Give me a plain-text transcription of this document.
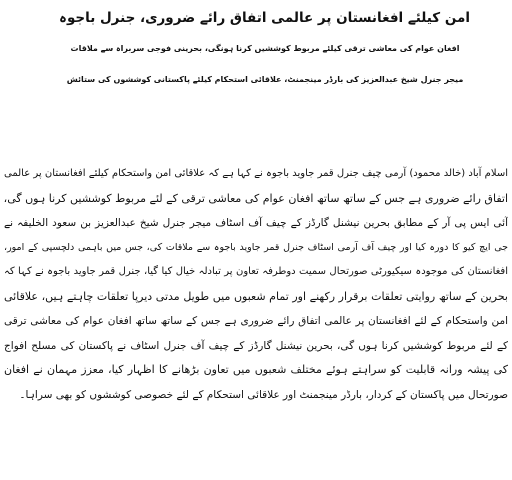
امن کیلئے افغانستان پر عالمی اتفاق رائے ضروری، جنرل باجوہ
افغان عوام کی معاشی ترقی کیلئے مربوط کوششیں کرنا ہونگی، بحرینی فوجی سربراہ سے ملاقات
میجر جنرل شیخ عبدالعزیز کی بارڈر مینجمنٹ، علاقائی استحکام کیلئے پاکستانی کوششوں کی ستائش
اسلام آباد (خالد محمود) آرمی چیف جنرل قمر جاوید باجوہ نے کہا ہے کہ علاقائی امن واستحکام کیلئے افغانستان پر عالمی
اتفاق رائے ضروری ہے جس کے ساتھ ساتھ افغان عوام کی معاشی ترقی کے لئے مربوط کوششیں کرنا ہوں گی،
آئی ایس پی آر کے مطابق بحرین نیشنل گارڈز کے چیف آف اسٹاف میجر جنرل شیخ عبدالعزیز بن سعود الخلیفہ نے
جی ایچ کیو کا دورہ کیا اور چیف آف آرمی اسٹاف جنرل قمر جاوید باجوہ سے ملاقات کی، جس میں باہمی دلچسپی کے امور،
افغانستان کی موجودہ سیکیورٹی صورتحال سمیت دوطرفہ تعاون پر تبادلہ خیال کیا گیا، جنرل قمر جاوید باجوہ نے کہا کہ
بحرین کے ساتھ روایتی تعلقات برقرار رکھنے اور تمام شعبوں میں طویل مدتی دیرپا تعلقات چاہتے ہیں، علاقائی
امن واستحکام کے لئے افغانستان پر عالمی اتفاق رائے ضروری ہے جس کے ساتھ ساتھ افغان عوام کی معاشی ترقی
کے لئے مربوط کوششیں کرنا ہوں گی، بحرین نیشنل گارڈز کے چیف آف جنرل اسٹاف نے پاکستان کی مسلح افواج
کی پیشہ ورانہ قابلیت کو سراہتے ہوئے مختلف شعبوں میں تعاون بڑھانے کا اظہار کیا، معزز مہمان نے افغان
صورتحال میں پاکستان کے کردار، بارڈر مینجمنٹ اور علاقائی استحکام کے لئے خصوصی کوششوں کو بھی سراہا۔
